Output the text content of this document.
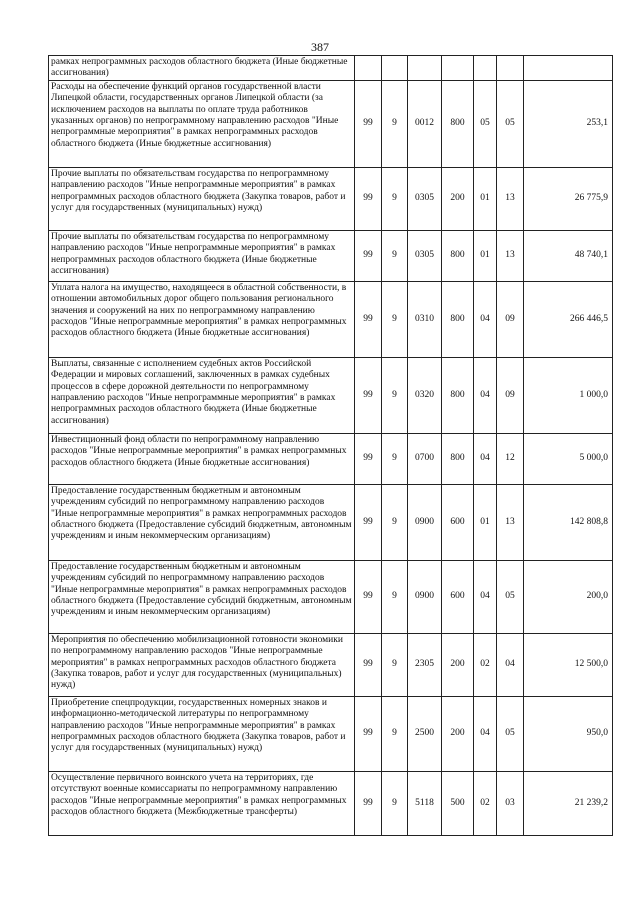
387
рамках непрограммных расходов областного бюджета (Иные бюджетные ассигнования)							
Расходы на обеспечение функций органов государственной власти Липецкой области, государственных органов Липецкой области (за исключением расходов на выплаты по оплате труда работников указанных органов) по непрограммному направлению расходов "Иные непрограммные мероприятия" в рамках непрограммных расходов областного бюджета (Иные бюджетные ассигнования)	99	9	0012	800	05	05	253,1
Прочие выплаты по обязательствам государства по непрограммному направлению расходов "Иные непрограммные мероприятия" в рамках непрограммных расходов областного бюджета (Закупка товаров, работ и услуг для государственных (муниципальных) нужд)	99	9	0305	200	01	13	26 775,9
Прочие выплаты по обязательствам государства по непрограммному направлению расходов "Иные непрограммные мероприятия" в рамках непрограммных расходов областного бюджета (Иные бюджетные ассигнования)	99	9	0305	800	01	13	48 740,1
Уплата налога на имущество, находящееся в областной собственности, в отношении автомобильных дорог общего пользования регионального значения и сооружений на них по непрограммному направлению расходов "Иные непрограммные мероприятия" в рамках непрограммных расходов областного бюджета (Иные бюджетные ассигнования)	99	9	0310	800	04	09	266 446,5
Выплаты, связанные с исполнением судебных актов Российской Федерации и мировых соглашений, заключенных в рамках судебных процессов в сфере дорожной деятельности по непрограммному направлению расходов "Иные непрограммные мероприятия" в рамках непрограммных расходов областного бюджета (Иные бюджетные ассигнования)	99	9	0320	800	04	09	1 000,0
Инвестиционный фонд области по непрограммному направлению расходов "Иные непрограммные мероприятия" в рамках непрограммных расходов областного бюджета (Иные бюджетные ассигнования)	99	9	0700	800	04	12	5 000,0
Предоставление государственным бюджетным и автономным учреждениям субсидий по непрограммному направлению расходов "Иные непрограммные мероприятия" в рамках непрограммных расходов областного бюджета (Предоставление субсидий бюджетным, автономным учреждениям и иным некоммерческим организациям)	99	9	0900	600	01	13	142 808,8
Предоставление государственным бюджетным и автономным учреждениям субсидий по непрограммному направлению расходов "Иные непрограммные мероприятия" в рамках непрограммных расходов областного бюджета (Предоставление субсидий бюджетным, автономным учреждениям и иным некоммерческим организациям)	99	9	0900	600	04	05	200,0
Мероприятия по обеспечению мобилизационной готовности экономики по непрограммному направлению расходов "Иные непрограммные мероприятия" в рамках непрограммных расходов областного бюджета (Закупка товаров, работ и услуг для государственных (муниципальных) нужд)	99	9	2305	200	02	04	12 500,0
Приобретение спецпродукции, государственных номерных знаков и информационно-методической литературы по непрограммному направлению расходов "Иные непрограммные мероприятия" в рамках непрограммных расходов областного бюджета (Закупка товаров, работ и услуг для государственных (муниципальных) нужд)	99	9	2500	200	04	05	950,0
Осуществление первичного воинского учета на территориях, где отсутствуют военные комиссариаты по непрограммному направлению расходов "Иные непрограммные мероприятия" в рамках непрограммных расходов областного бюджета (Межбюджетные трансферты)	99	9	5118	500	02	03	21 239,2
